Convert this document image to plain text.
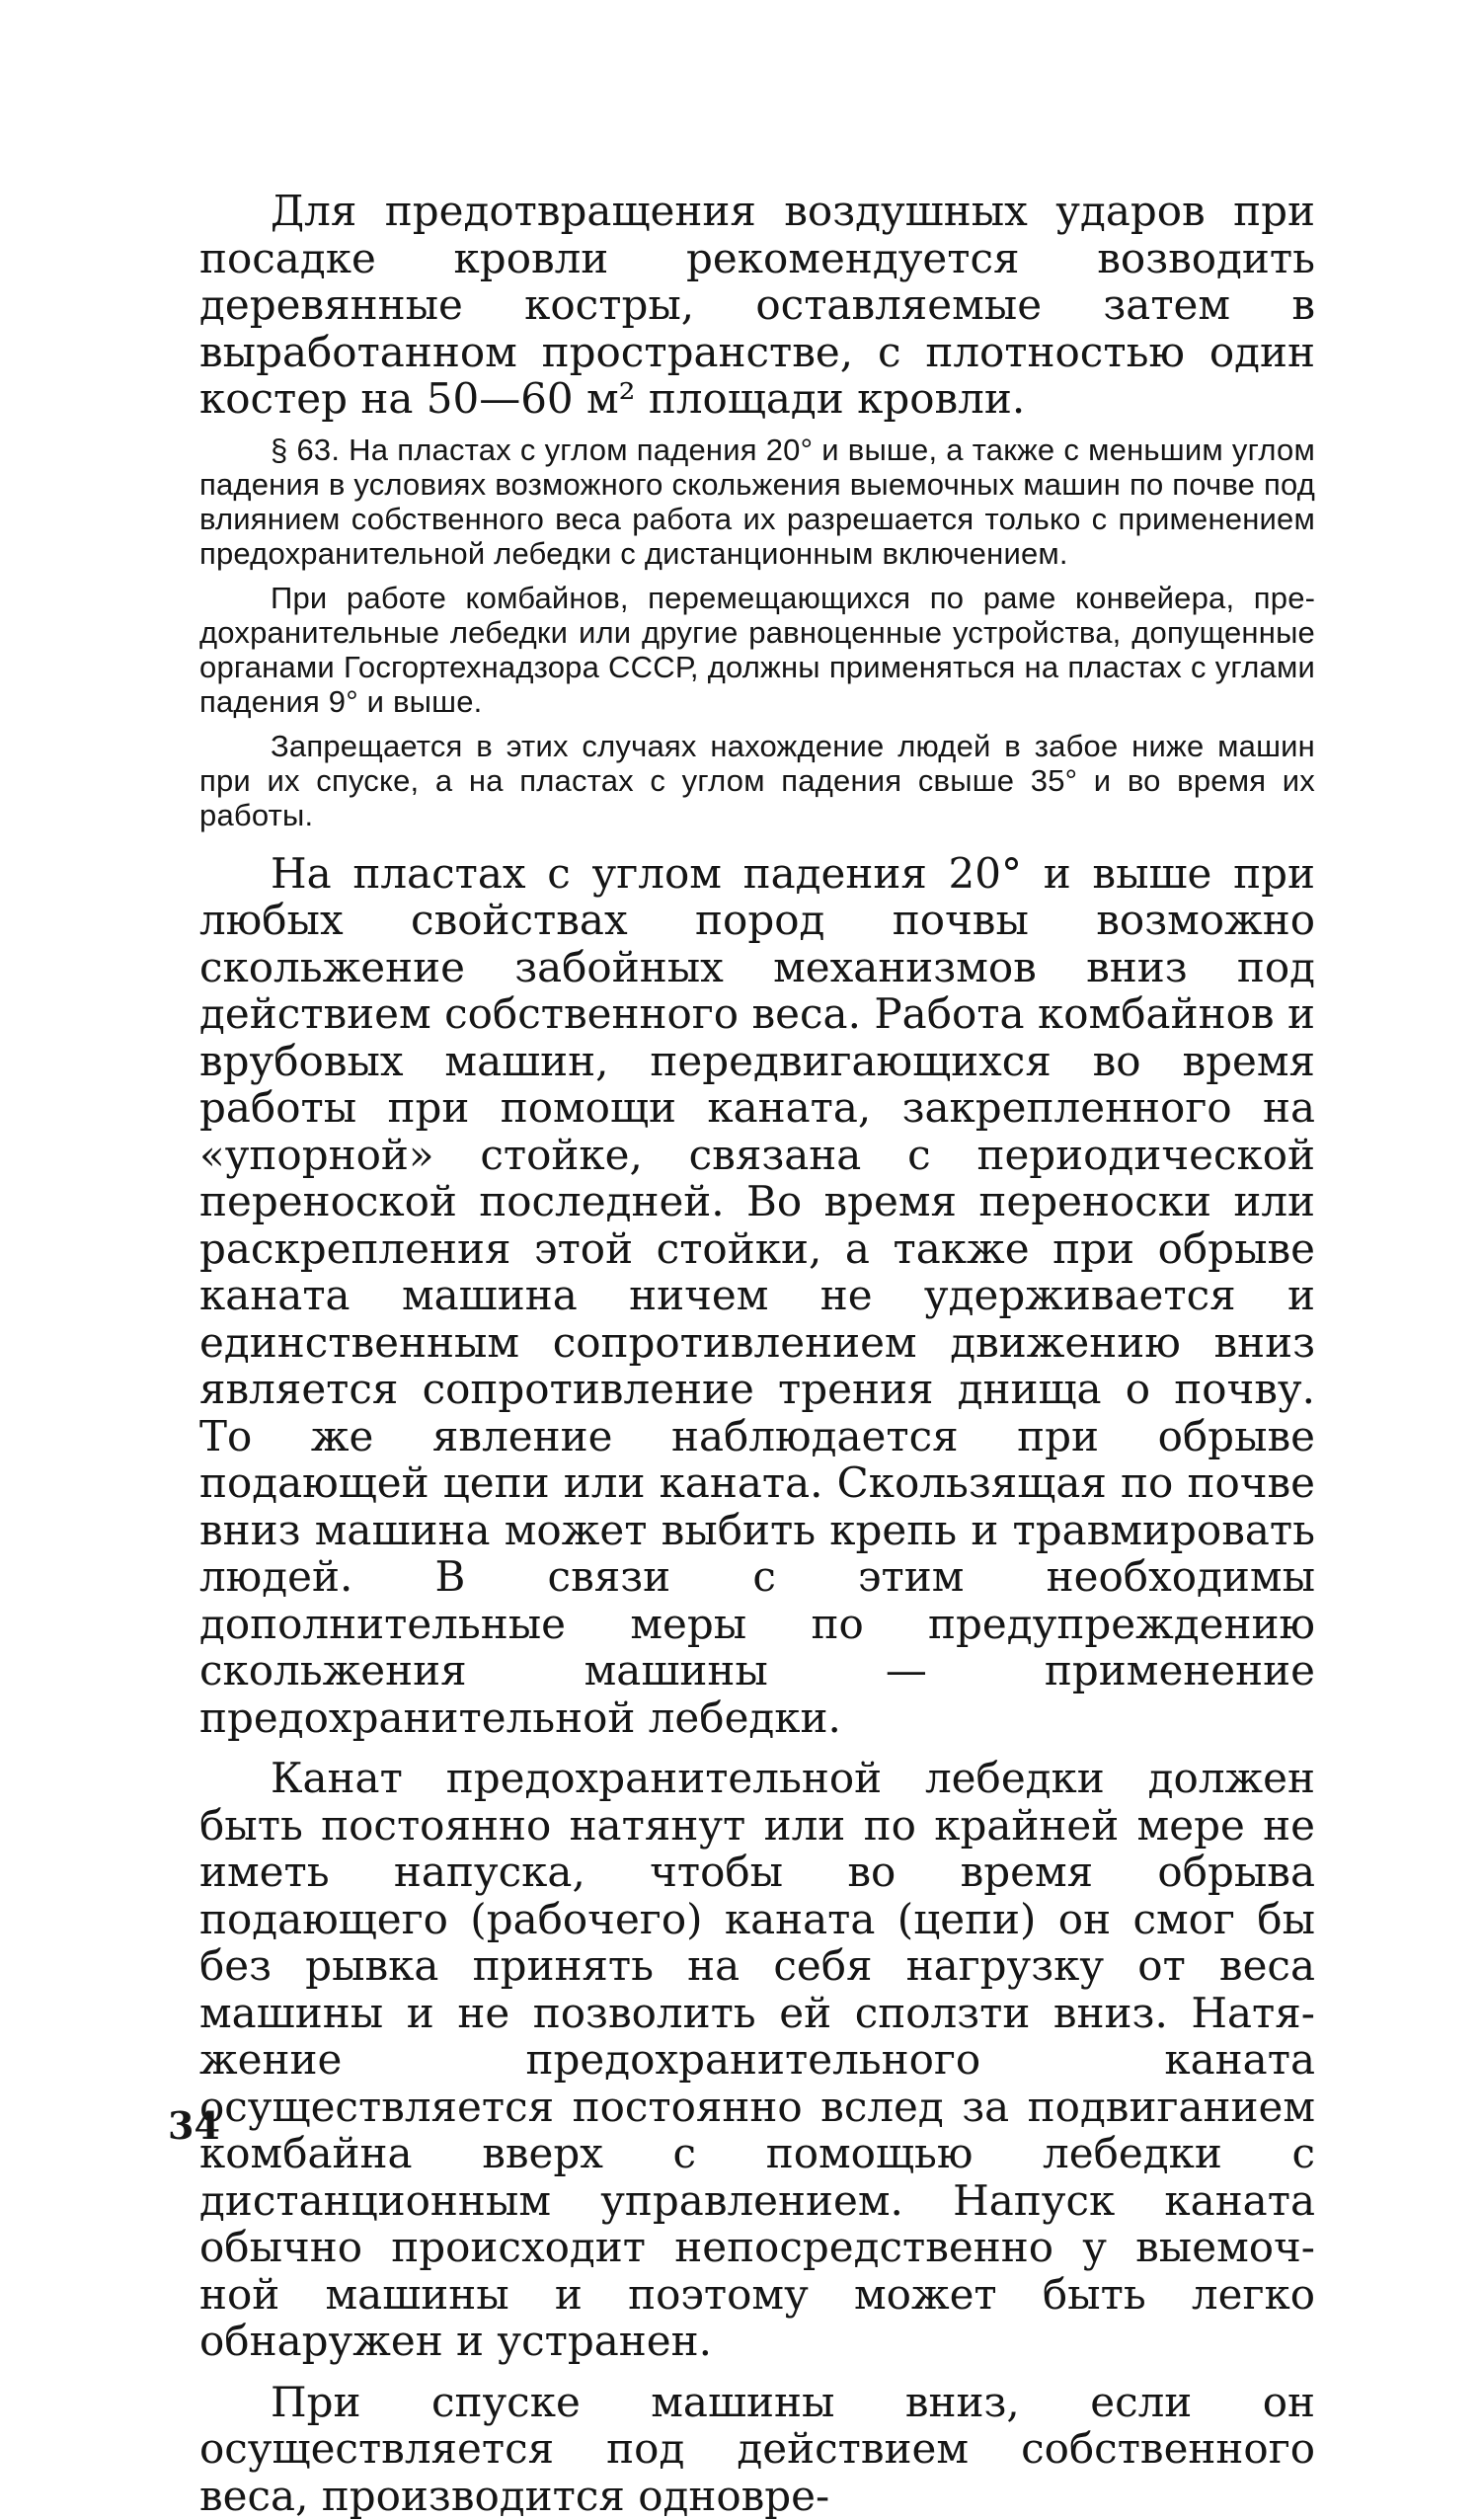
Для предотвращения воздушных ударов при посадке кровли рекомендуется возводить деревянные костры, оставляемые затем в выработанном пространстве, с плотностью один костер на 50—60 м² площади кровли.

§ 63. На пластах с углом падения 20° и выше, а также с меньшим углом падения в условиях возможного скольжения выемочных машин по почве под влиянием собственного веса работа их разрешается только с применением предохранительной лебедки с дистанционным включением.

При работе комбайнов, перемещающихся по раме конвейера, предохранительные лебедки или другие равноценные устройства, допущенные органами Госгортехнадзора СССР, должны применяться на пластах с углами падения 9° и выше.

Запрещается в этих случаях нахождение людей в забое ниже машин при их спуске, а на пластах с углом падения свыше 35° и во время их работы.

На пластах с углом падения 20° и выше при любых свойствах пород почвы возможно скольжение забойных механизмов вниз под действием собственного веса. Работа комбайнов и врубовых машин, передвигающихся во время работы при помощи каната, закрепленного на «упорной» стойке, связана с периодической переноской последней. Во время переноски или раскрепления этой стойки, а также при обрыве каната машина ничем не удерживается и единственным сопротивлением движению вниз является сопротивление трения днища о почву. То же явление наблюдается при обрыве подающей цепи или каната. Скользящая по почве вниз машина может выбить крепь и травмировать людей. В связи с этим необходимы дополнительные меры по предупреждению скольжения машины — применение предохранительной лебедки.

Канат предохранительной лебедки должен быть постоянно натянут или по крайней мере не иметь напуска, чтобы во время обрыва подающего (рабочего) каната (цепи) он смог бы без рывка принять на себя нагрузку от веса машины и не позволить ей сползти вниз. Натяжение предохранительного каната осуществляется постоянно вслед за подвиганием комбайна вверх с помощью лебедки с дистанционным управлением. Напуск каната обычно происходит непосредственно у выемочной машины и поэтому может быть легко обнаружен и устранен.

При спуске машины вниз, если он осуществляется под действием собственного веса, производится одновре-

34
